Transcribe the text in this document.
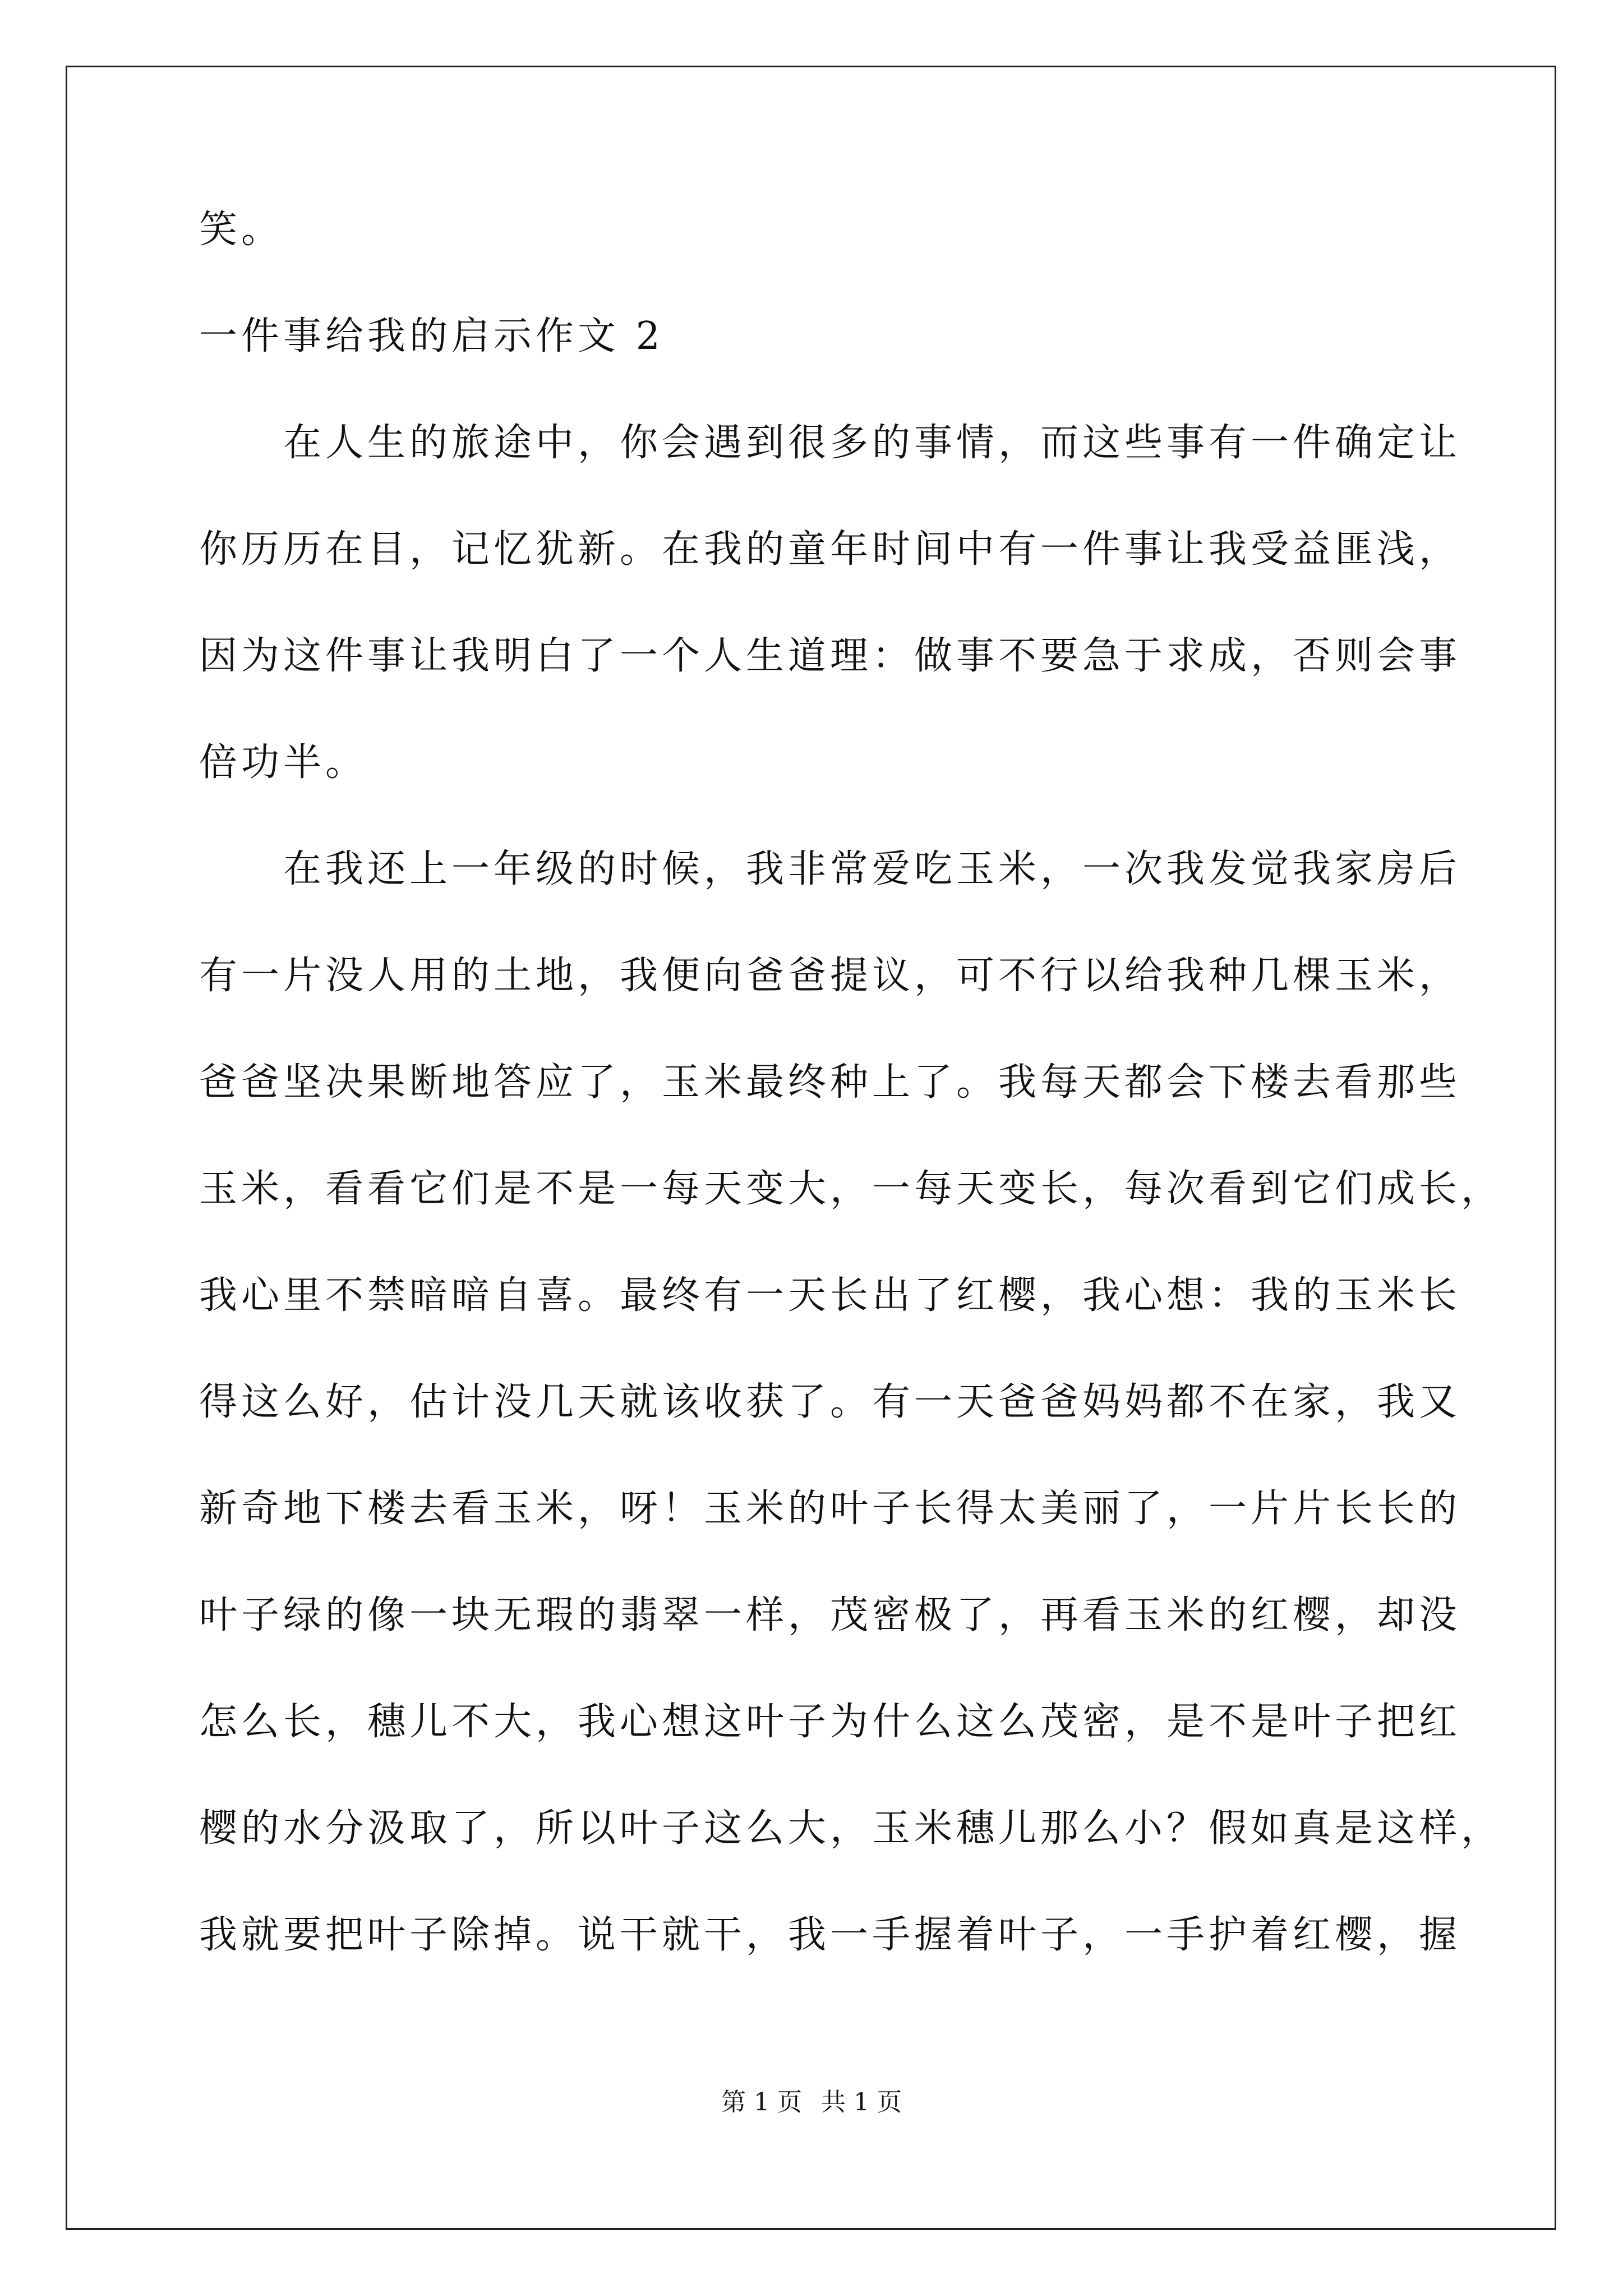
笑。
一件事给我的启示作文 2
　　在人生的旅途中，你会遇到很多的事情，而这些事有一件确定让
你历历在目，记忆犹新。在我的童年时间中有一件事让我受益匪浅，
因为这件事让我明白了一个人生道理：做事不要急于求成，否则会事
倍功半。
　　在我还上一年级的时候，我非常爱吃玉米，一次我发觉我家房后
有一片没人用的土地，我便向爸爸提议，可不行以给我种几棵玉米，
爸爸坚决果断地答应了，玉米最终种上了。我每天都会下楼去看那些
玉米，看看它们是不是一每天变大，一每天变长，每次看到它们成长，
我心里不禁暗暗自喜。最终有一天长出了红樱，我心想：我的玉米长
得这么好，估计没几天就该收获了。有一天爸爸妈妈都不在家，我又
新奇地下楼去看玉米，呀！玉米的叶子长得太美丽了，一片片长长的
叶子绿的像一块无瑕的翡翠一样，茂密极了，再看玉米的红樱，却没
怎么长，穗儿不大，我心想这叶子为什么这么茂密，是不是叶子把红
樱的水分汲取了，所以叶子这么大，玉米穗儿那么小？假如真是这样，
我就要把叶子除掉。说干就干，我一手握着叶子，一手护着红樱，握
第 1 页 共 1 页
